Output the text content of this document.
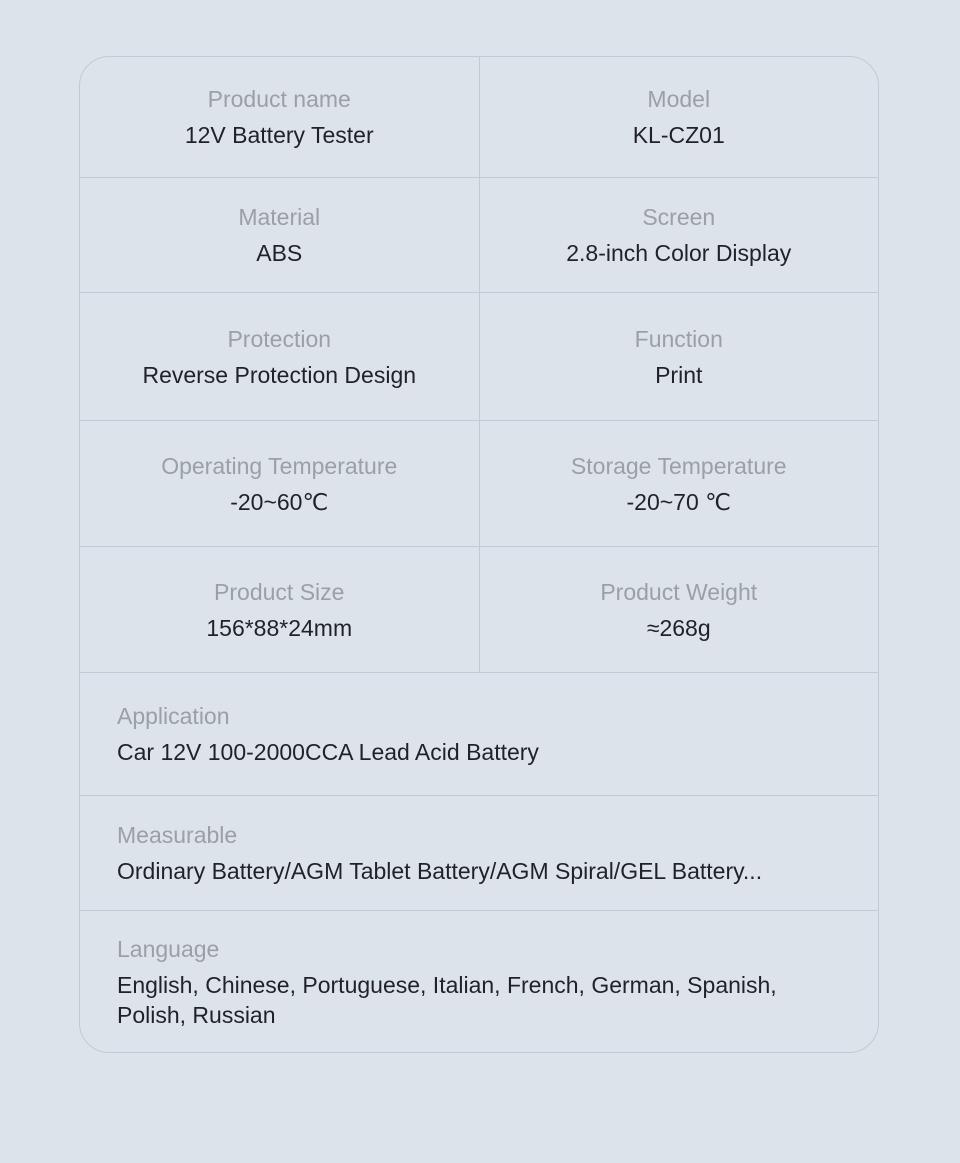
Product name
12V Battery Tester
Model
KL-CZ01
Material
ABS
Screen
2.8-inch Color Display
Protection
Reverse Protection Design
Function
Print
Operating Temperature
-20~60℃
Storage Temperature
-20~70 ℃
Product Size
156*88*24mm
Product Weight
≈268g
Application
Car 12V 100-2000CCA Lead Acid Battery
Measurable
Ordinary Battery/AGM Tablet Battery/AGM Spiral/GEL Battery...
Language
English, Chinese, Portuguese, Italian, French, German, Spanish, Polish, Russian
